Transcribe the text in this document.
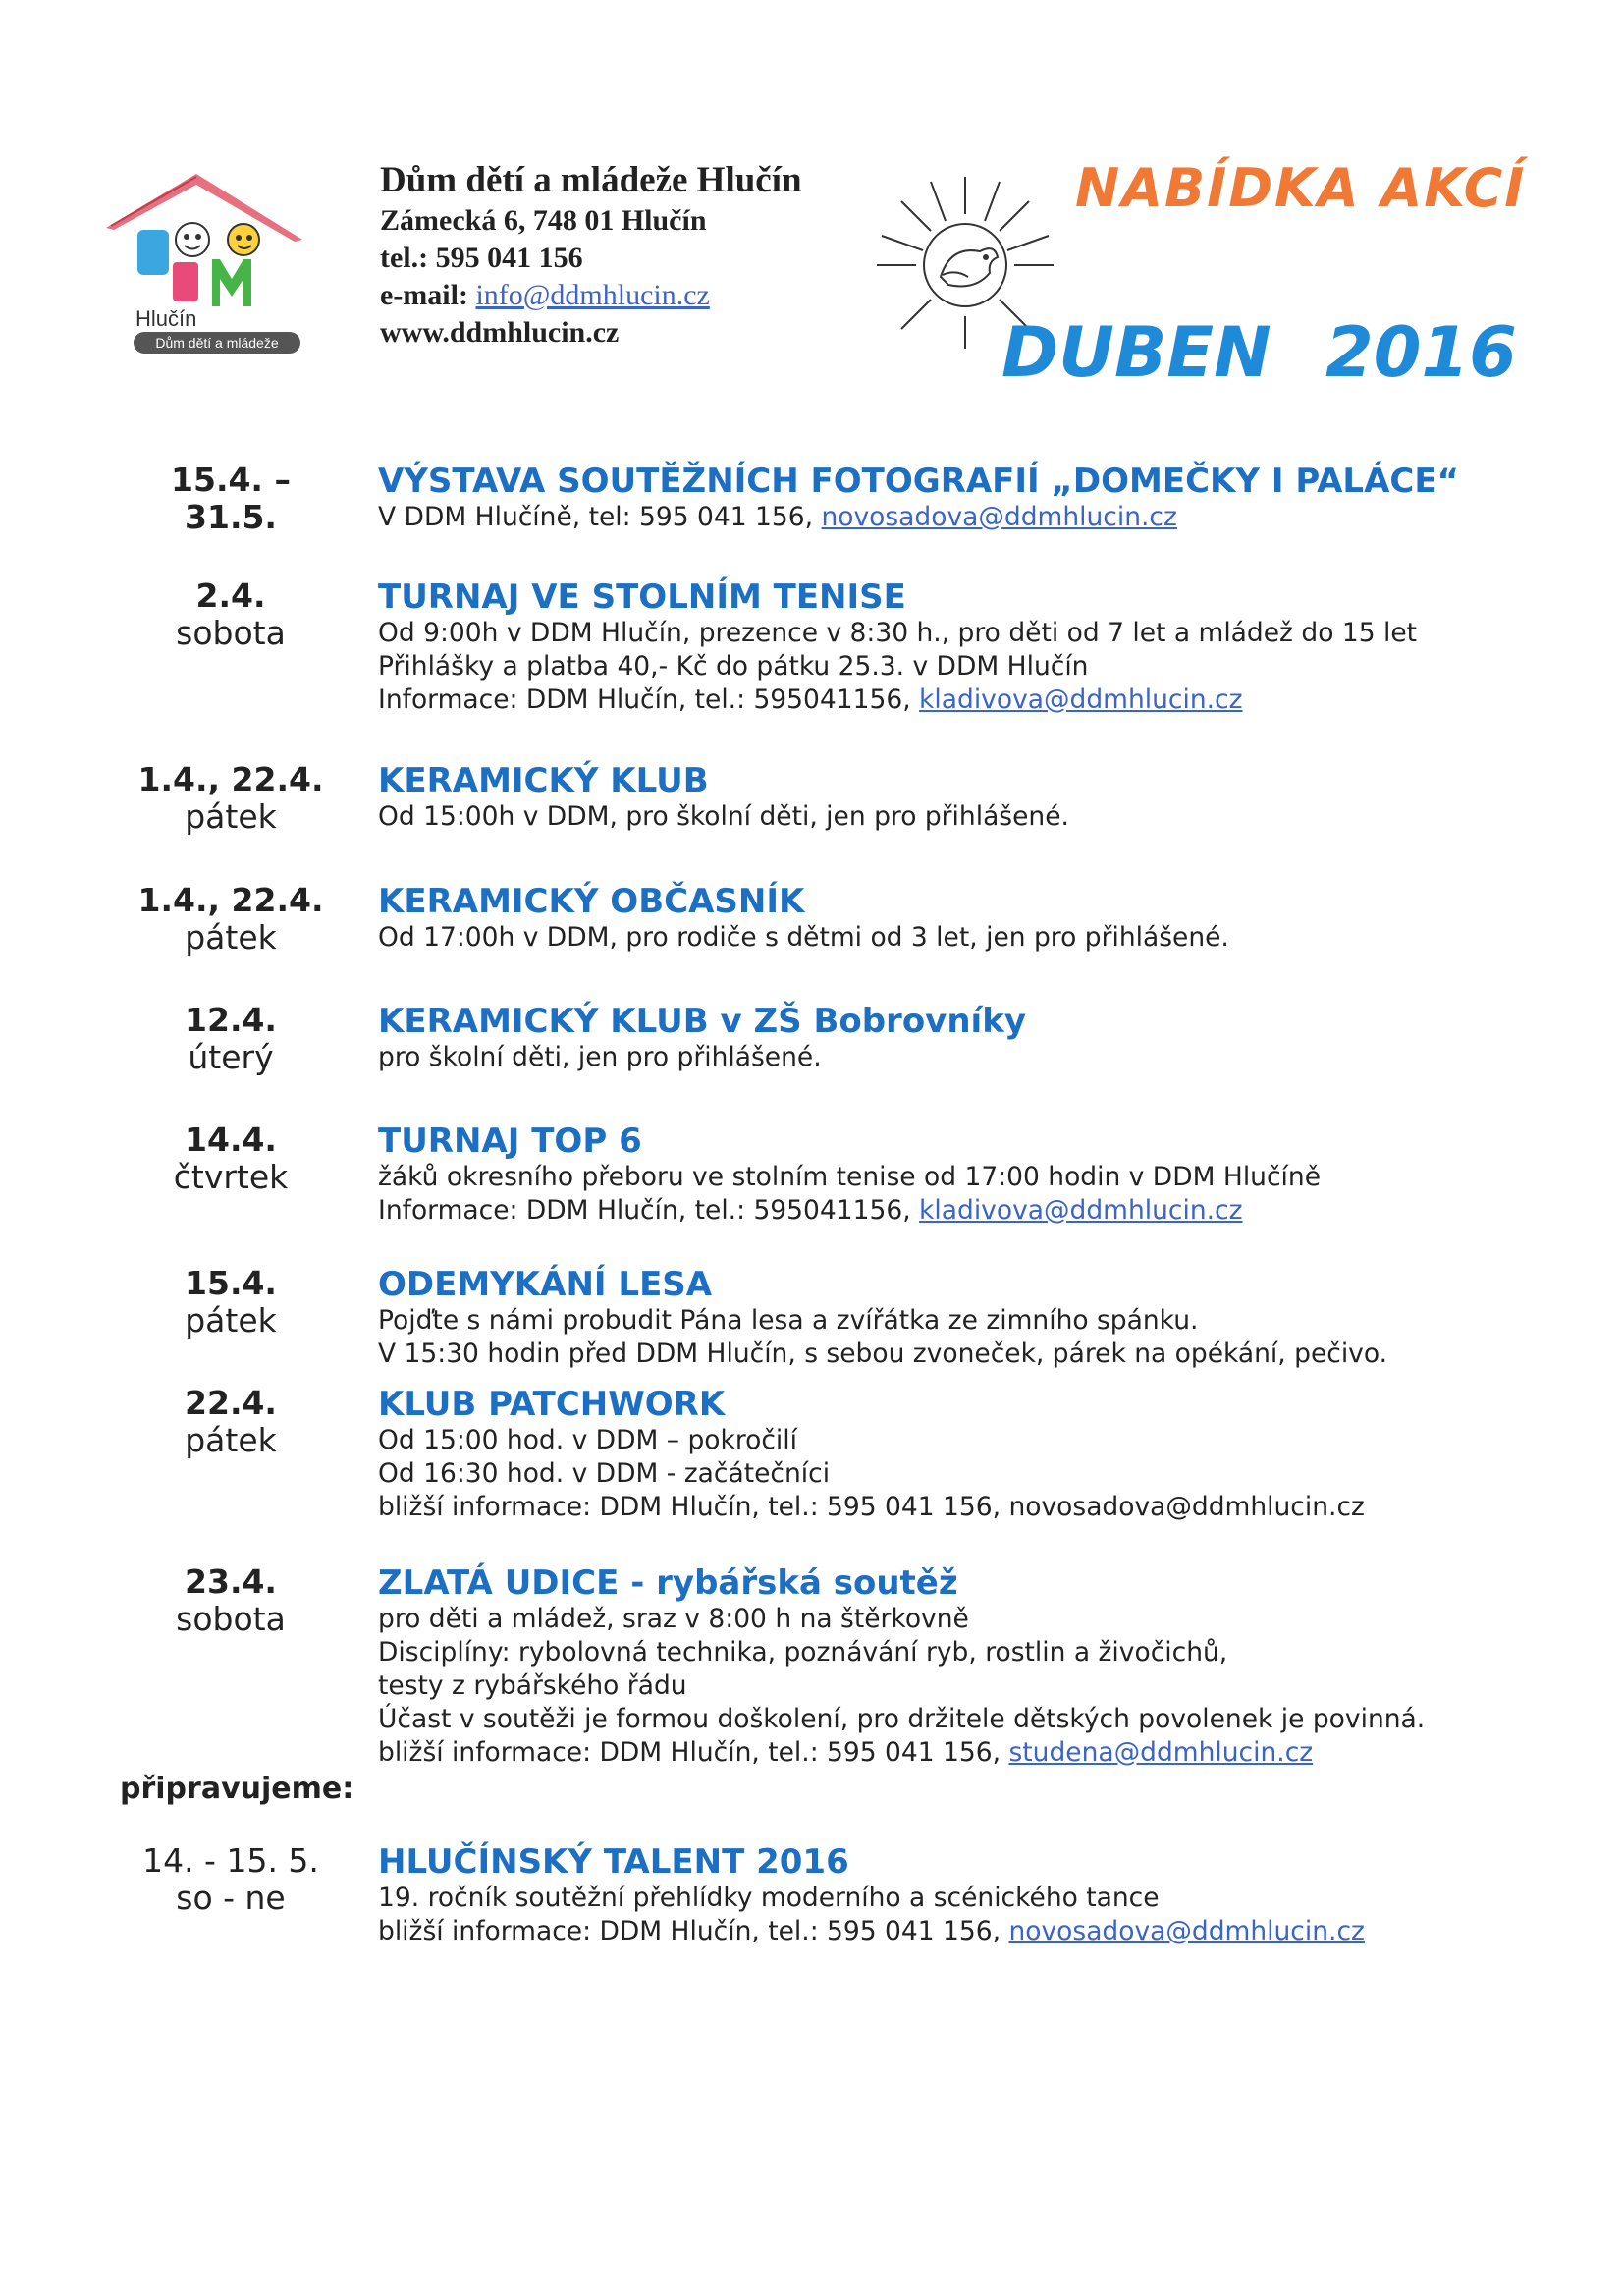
Hlučín
Dům dětí a mládeže
Dům dětí a mládeže Hlučín
Zámecká 6, 748 01 Hlučín
tel.: 595 041 156
e-mail: info@ddmhlucin.cz
www.ddmhlucin.cz
NABÍDKA AKCÍ
DUBEN 2016
15.4. –
31.5.
VÝSTAVA SOUTĚŽNÍCH FOTOGRAFIÍ „DOMEČKY I PALÁCE“
V DDM Hlučíně, tel: 595 041 156, novosadova@ddmhlucin.cz
2.4.
sobota
TURNAJ VE STOLNÍM TENISE
Od 9:00h v DDM Hlučín, prezence v 8:30 h., pro děti od 7 let a mládež do 15 let
Přihlášky a platba 40,- Kč do pátku 25.3. v DDM Hlučín
Informace: DDM Hlučín, tel.: 595041156, kladivova@ddmhlucin.cz
1.4., 22.4.
pátek
KERAMICKÝ KLUB
Od 15:00h v DDM, pro školní děti, jen pro přihlášené.
1.4., 22.4.
pátek
KERAMICKÝ OBČASNÍK
Od 17:00h v DDM, pro rodiče s dětmi od 3 let, jen pro přihlášené.
12.4.
úterý
KERAMICKÝ KLUB v ZŠ Bobrovníky
pro školní děti, jen pro přihlášené.
14.4.
čtvrtek
TURNAJ TOP 6
žáků okresního přeboru ve stolním tenise od 17:00 hodin v DDM Hlučíně
Informace: DDM Hlučín, tel.: 595041156, kladivova@ddmhlucin.cz
15.4.
pátek
ODEMYKÁNÍ LESA
Pojďte s námi probudit Pána lesa a zvířátka ze zimního spánku.
V 15:30 hodin před DDM Hlučín, s sebou zvoneček, párek na opékání, pečivo.
22.4.
pátek
KLUB PATCHWORK
Od 15:00 hod. v DDM – pokročilí
Od 16:30 hod. v DDM - začátečníci
bližší informace: DDM Hlučín, tel.: 595 041 156, novosadova@ddmhlucin.cz
23.4.
sobota
ZLATÁ UDICE - rybářská soutěž
pro děti a mládež, sraz v 8:00 h na štěrkovně
Disciplíny: rybolovná technika, poznávání ryb, rostlin a živočichů,
testy z rybářského řádu
Účast v soutěži je formou doškolení, pro držitele dětských povolenek je povinná.
bližší informace: DDM Hlučín, tel.: 595 041 156, studena@ddmhlucin.cz
připravujeme:
14. - 15. 5.
so - ne
HLUČÍNSKÝ TALENT 2016
19. ročník soutěžní přehlídky moderního a scénického tance
bližší informace: DDM Hlučín, tel.: 595 041 156, novosadova@ddmhlucin.cz
